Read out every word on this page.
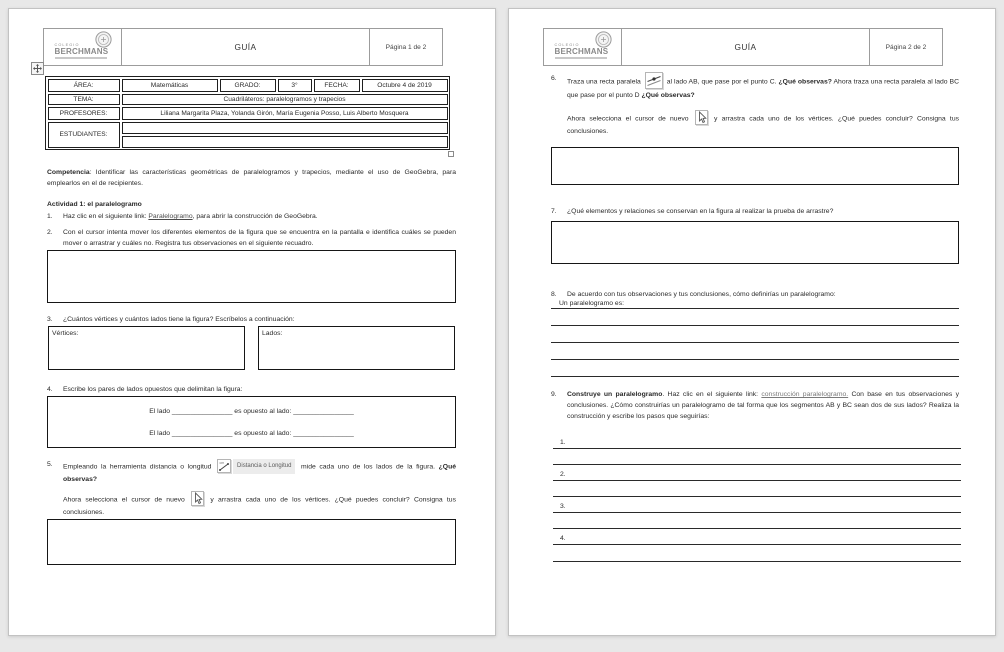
COLEGIO
BERCHMANS	GUÍA	Página 1 de 2
ÁREA:	Matemáticas	GRADO:	3°	FECHA:	Octubre 4 de 2019
TEMA:	Cuadriláteros: paralelogramos y trapecios
PROFESORES:	Liliana Margarita Plaza, Yolanda Girón, María Eugenia Posso, Luis Alberto Mosquera
ESTUDIANTES:
Competencia: Identificar las características geométricas de paralelogramos y trapecios, mediante el uso de GeoGebra, para emplearlos en el de recipientes.
Actividad 1: el paralelogramo
1.	Haz clic en el siguiente link: Paralelogramo, para abrir la construcción de GeoGebra.
2.	Con el cursor intenta mover los diferentes elementos de la figura que se encuentra en la pantalla e identifica cuáles se pueden mover o arrastrar y cuáles no. Registra tus observaciones en el siguiente recuadro.
3.	¿Cuántos vértices y cuántos lados tiene la figura? Escríbelos a continuación:
Vértices:	Lados:
4.	Escribe los pares de lados opuestos que delimitan la figura:
El lado ________________ es opuesto al lado: ________________
El lado ________________ es opuesto al lado: ________________
5.	Empleando la herramienta distancia o longitud
cm
Distancia o Longitud mide cada uno de los lados de la figura. ¿Qué observas?
Ahora selecciona el cursor de nuevo	y arrastra cada uno de los vértices. ¿Qué puedes concluir? Consigna tus conclusiones.
COLEGIO
BERCHMANS	GUÍA	Página 2 de 2
6.	Traza una recta paralela	al lado AB, que pase por el punto C. ¿Qué observas? Ahora traza una recta paralela al lado BC que pase por el punto D ¿Qué observas?
Ahora selecciona el cursor de nuevo	y arrastra cada uno de los vértices. ¿Qué puedes concluir? Consigna tus conclusiones.
7.	¿Qué elementos y relaciones se conservan en la figura al realizar la prueba de arrastre?
8.	De acuerdo con tus observaciones y tus conclusiones, cómo definirías un paralelogramo:
Un paralelogramo es:
9.	Construye un paralelogramo. Haz clic en el siguiente link: construcción paralelogramo. Con base en tus observaciones y conclusiones. ¿Cómo construirías un paralelogramo de tal forma que los segmentos AB y BC sean dos de sus lados? Realiza la construcción y escribe los pasos que seguirías:
1.
2.
3.
4.
